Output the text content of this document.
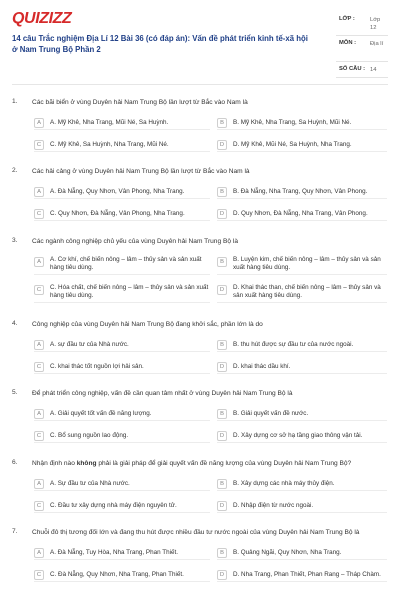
QUIZIZZ
14 câu Trắc nghiệm Địa Lí 12 Bài 36 (có đáp án): Vấn đề phát triển kinh tế-xã hội ở Nam Trung Bộ Phần 2
LỚP :	Lớp 12
MÔN : Địa lí
SỐ CÂU : 14
1. Các bãi biển ở vùng Duyên hải Nam Trung Bộ lần lượt từ Bắc vào Nam là
A	A. Mỹ Khê, Nha Trang, Mũi Né, Sa Huỳnh.	B	B. Mỹ Khê, Nha Trang, Sa Huỳnh, Mũi Né.
C	C. Mỹ Khê, Sa Huỳnh, Nha Trang, Mũi Né.	D	D. Mỹ Khê, Mũi Né, Sa Huỳnh, Nha Trang.
2. Các hải cảng ở vùng Duyên hải Nam Trung Bộ lần lượt từ Bắc vào Nam là
A	A. Đà Nẵng, Quy Nhơn, Vân Phong, Nha Trang.	B	B. Đà Nẵng, Nha Trang, Quy Nhơn, Vân Phong.
C	C. Quy Nhơn, Đà Nẵng, Vân Phong, Nha Trang.	D	D. Quy Nhơn, Đà Nẵng, Nha Trang, Vân Phong.
3. Các ngành công nghiệp chủ yếu của vùng Duyên hải Nam Trung Bộ là
A	A. Cơ khí, chế biến nông – lâm – thủy sản và sản xuất hàng tiêu dùng.
B	B. Luyện kim, chế biến nông – lâm – thủy sản và sản xuất hàng tiêu dùng.
C	C. Hóa chất, chế biến nông – lâm – thủy sản và sản xuất hàng tiêu dùng.
D	D. Khai thác than, chế biến nông – lâm – thủy sản và sản xuất hàng tiêu dùng.
4. Công nghiệp của vùng Duyên hải Nam Trung Bộ đang khởi sắc, phần lớn là do
A	A. sự đầu tư của Nhà nước.	B	B. thu hút được sự đầu tư của nước ngoài.
C	C. khai thác tốt nguồn lợi hải sản.	D	D. khai thác dầu khí.
5. Để phát triển công nghiệp, vấn đề cần quan tâm nhất ở vùng Duyên hải Nam Trung Bộ là
A	A. Giải quyết tốt vấn đề năng lượng.	B	B. Giải quyết vấn đề nước.
C	C. Bổ sung nguồn lao động.	D	D. Xây dựng cơ sở hạ tầng giao thông vận tải.
6. Nhận định nào không phải là giải pháp để giải quyết vấn đề năng lượng của vùng Duyên hải Nam Trung Bộ?
A	A. Sự đầu tư của Nhà nước.	B	B. Xây dựng các nhà máy thủy điện.
C	C. Đầu tư xây dựng nhà máy điện nguyên tử.	D	D. Nhập điện từ nước ngoài.
7. Chuỗi đô thị tương đối lớn và đang thu hút được nhiều đầu tư nước ngoài của vùng Duyên hải Nam Trung Bộ là
A	A. Đà Nẵng, Tuy Hòa, Nha Trang, Phan Thiết.	B	B. Quảng Ngãi, Quy Nhơn, Nha Trang.
C	C. Đà Nẵng, Quy Nhơn, Nha Trang, Phan Thiết.	D	D. Nha Trang, Phan Thiết, Phan Rang – Tháp Chàm.
